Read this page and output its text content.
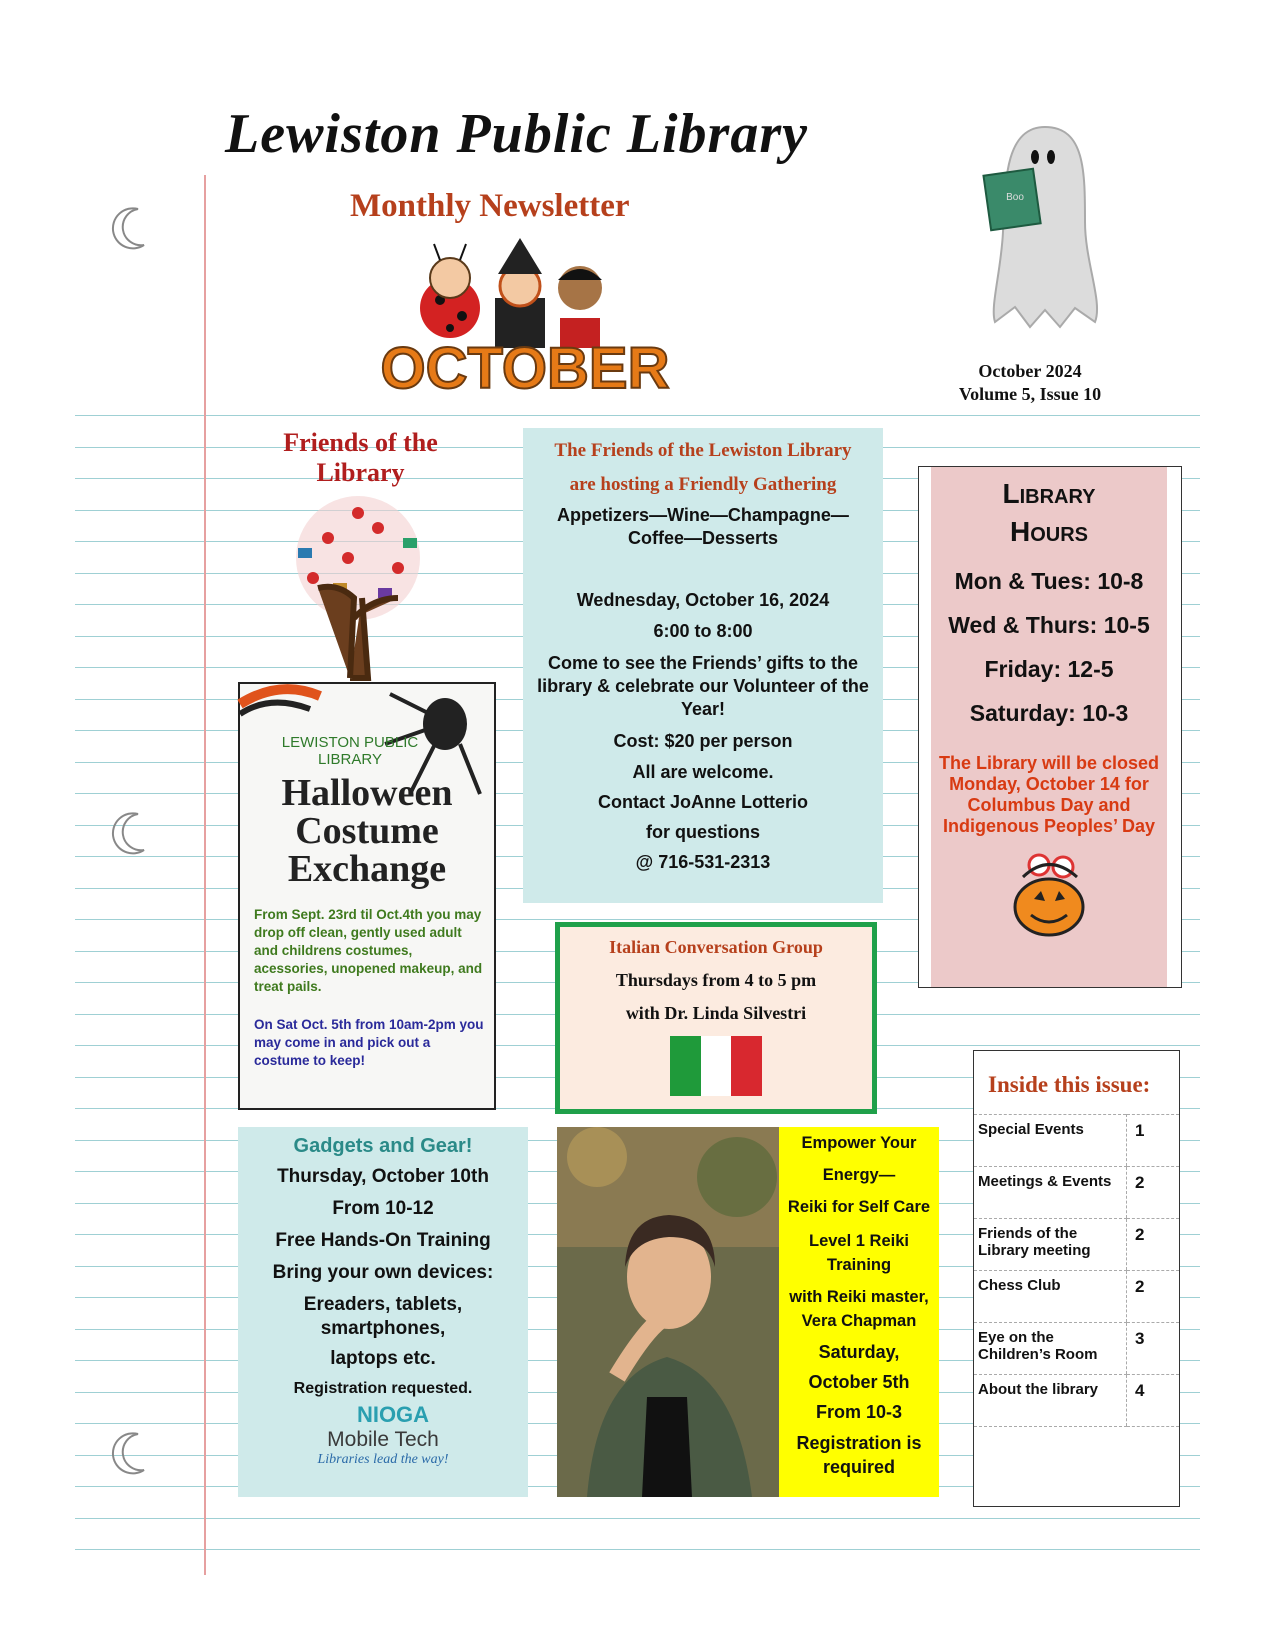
Lewiston Public Library
Monthly Newsletter
OCTOBER
Boo
October 2024
Volume 5, Issue 10
Friends of the Library
The Friends of the Lewiston Library
are hosting a Friendly Gathering
Appetizers—Wine—Champagne—Coffee—Desserts
Wednesday, October 16, 2024
6:00 to 8:00
Come to see the Friends’ gifts to the library & celebrate our Volunteer of the Year!
Cost: $20 per person
All are welcome.
Contact JoAnne Lotterio
for questions
@ 716-531-2313
Library
Hours
Mon & Tues: 10-8
Wed & Thurs: 10-5
Friday: 12-5
Saturday: 10-3
The Library will be closed Monday, October 14 for Columbus Day and Indigenous Peoples’ Day
LEWISTON PUBLIC
LIBRARY
Halloween
Costume
Exchange
From Sept. 23rd til Oct.4th you may drop off clean, gently used adult and childrens costumes, acessories, unopened makeup, and treat pails.
On Sat Oct. 5th from 10am-2pm you may come in and pick out a costume to keep!
Italian Conversation Group
Thursdays from 4 to 5 pm
with Dr. Linda Silvestri
Inside this issue:
Special Events	1
Meetings & Events	2
Friends of the Library meeting	2
Chess Club	2
Eye on the Children’s Room	3
About the library	4
Gadgets and Gear!
Thursday, October 10th
From 10-12
Free Hands-On Training
Bring your own devices:
Ereaders, tablets,
smartphones,
laptops etc.
Registration requested.
NIOGA
Mobile Tech
Libraries lead the way!
Empower Your
Energy—
Reiki for Self Care
Level 1 Reiki
Training
with Reiki master,
Vera Chapman
Saturday,
October 5th
From 10-3
Registration is
required
